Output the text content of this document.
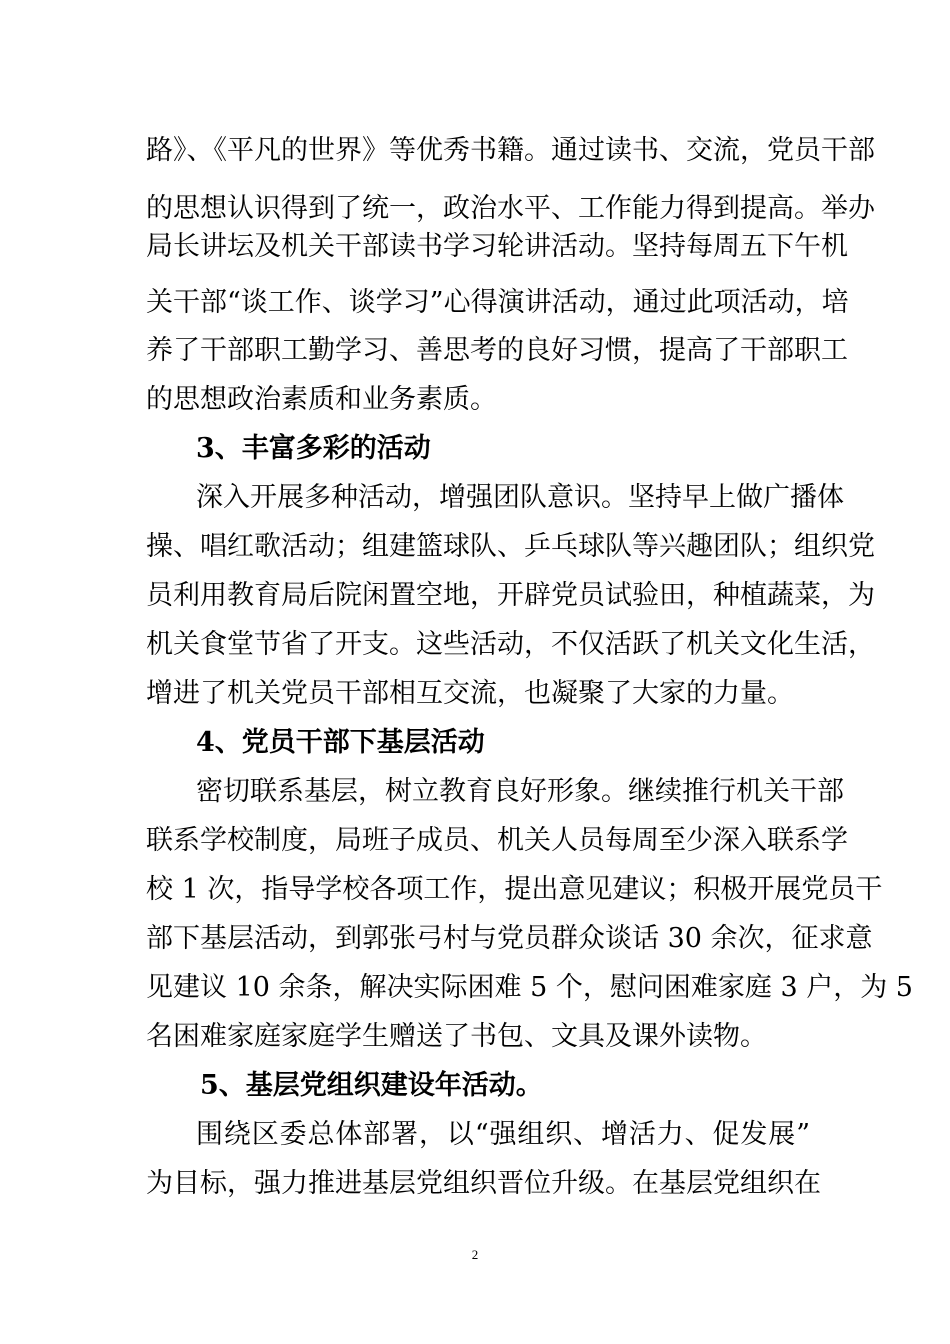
路》、《平凡的世界》等优秀书籍。通过读书、交流，党员干部
的思想认识得到了统一，政治水平、工作能力得到提高。举办
局长讲坛及机关干部读书学习轮讲活动。坚持每周五下午机
关干部“谈工作、谈学习”心得演讲活动，通过此项活动，培
养了干部职工勤学习、善思考的良好习惯，提高了干部职工
的思想政治素质和业务素质。
3、丰富多彩的活动
深入开展多种活动，增强团队意识。坚持早上做广播体
操、唱红歌活动；组建篮球队、乒乓球队等兴趣团队；组织党
员利用教育局后院闲置空地，开辟党员试验田，种植蔬菜，为
机关食堂节省了开支。这些活动，不仅活跃了机关文化生活，
增进了机关党员干部相互交流，也凝聚了大家的力量。
4、党员干部下基层活动
密切联系基层，树立教育良好形象。继续推行机关干部
联系学校制度，局班子成员、机关人员每周至少深入联系学
校 1 次，指导学校各项工作，提出意见建议；积极开展党员干
部下基层活动，到郭张弓村与党员群众谈话 30 余次，征求意
见建议 10 余条，解决实际困难 5 个，慰问困难家庭 3 户，为 5
名困难家庭家庭学生赠送了书包、文具及课外读物。
5、基层党组织建设年活动。
围绕区委总体部署，以“强组织、增活力、促发展”
为目标，强力推进基层党组织晋位升级。在基层党组织在
2
